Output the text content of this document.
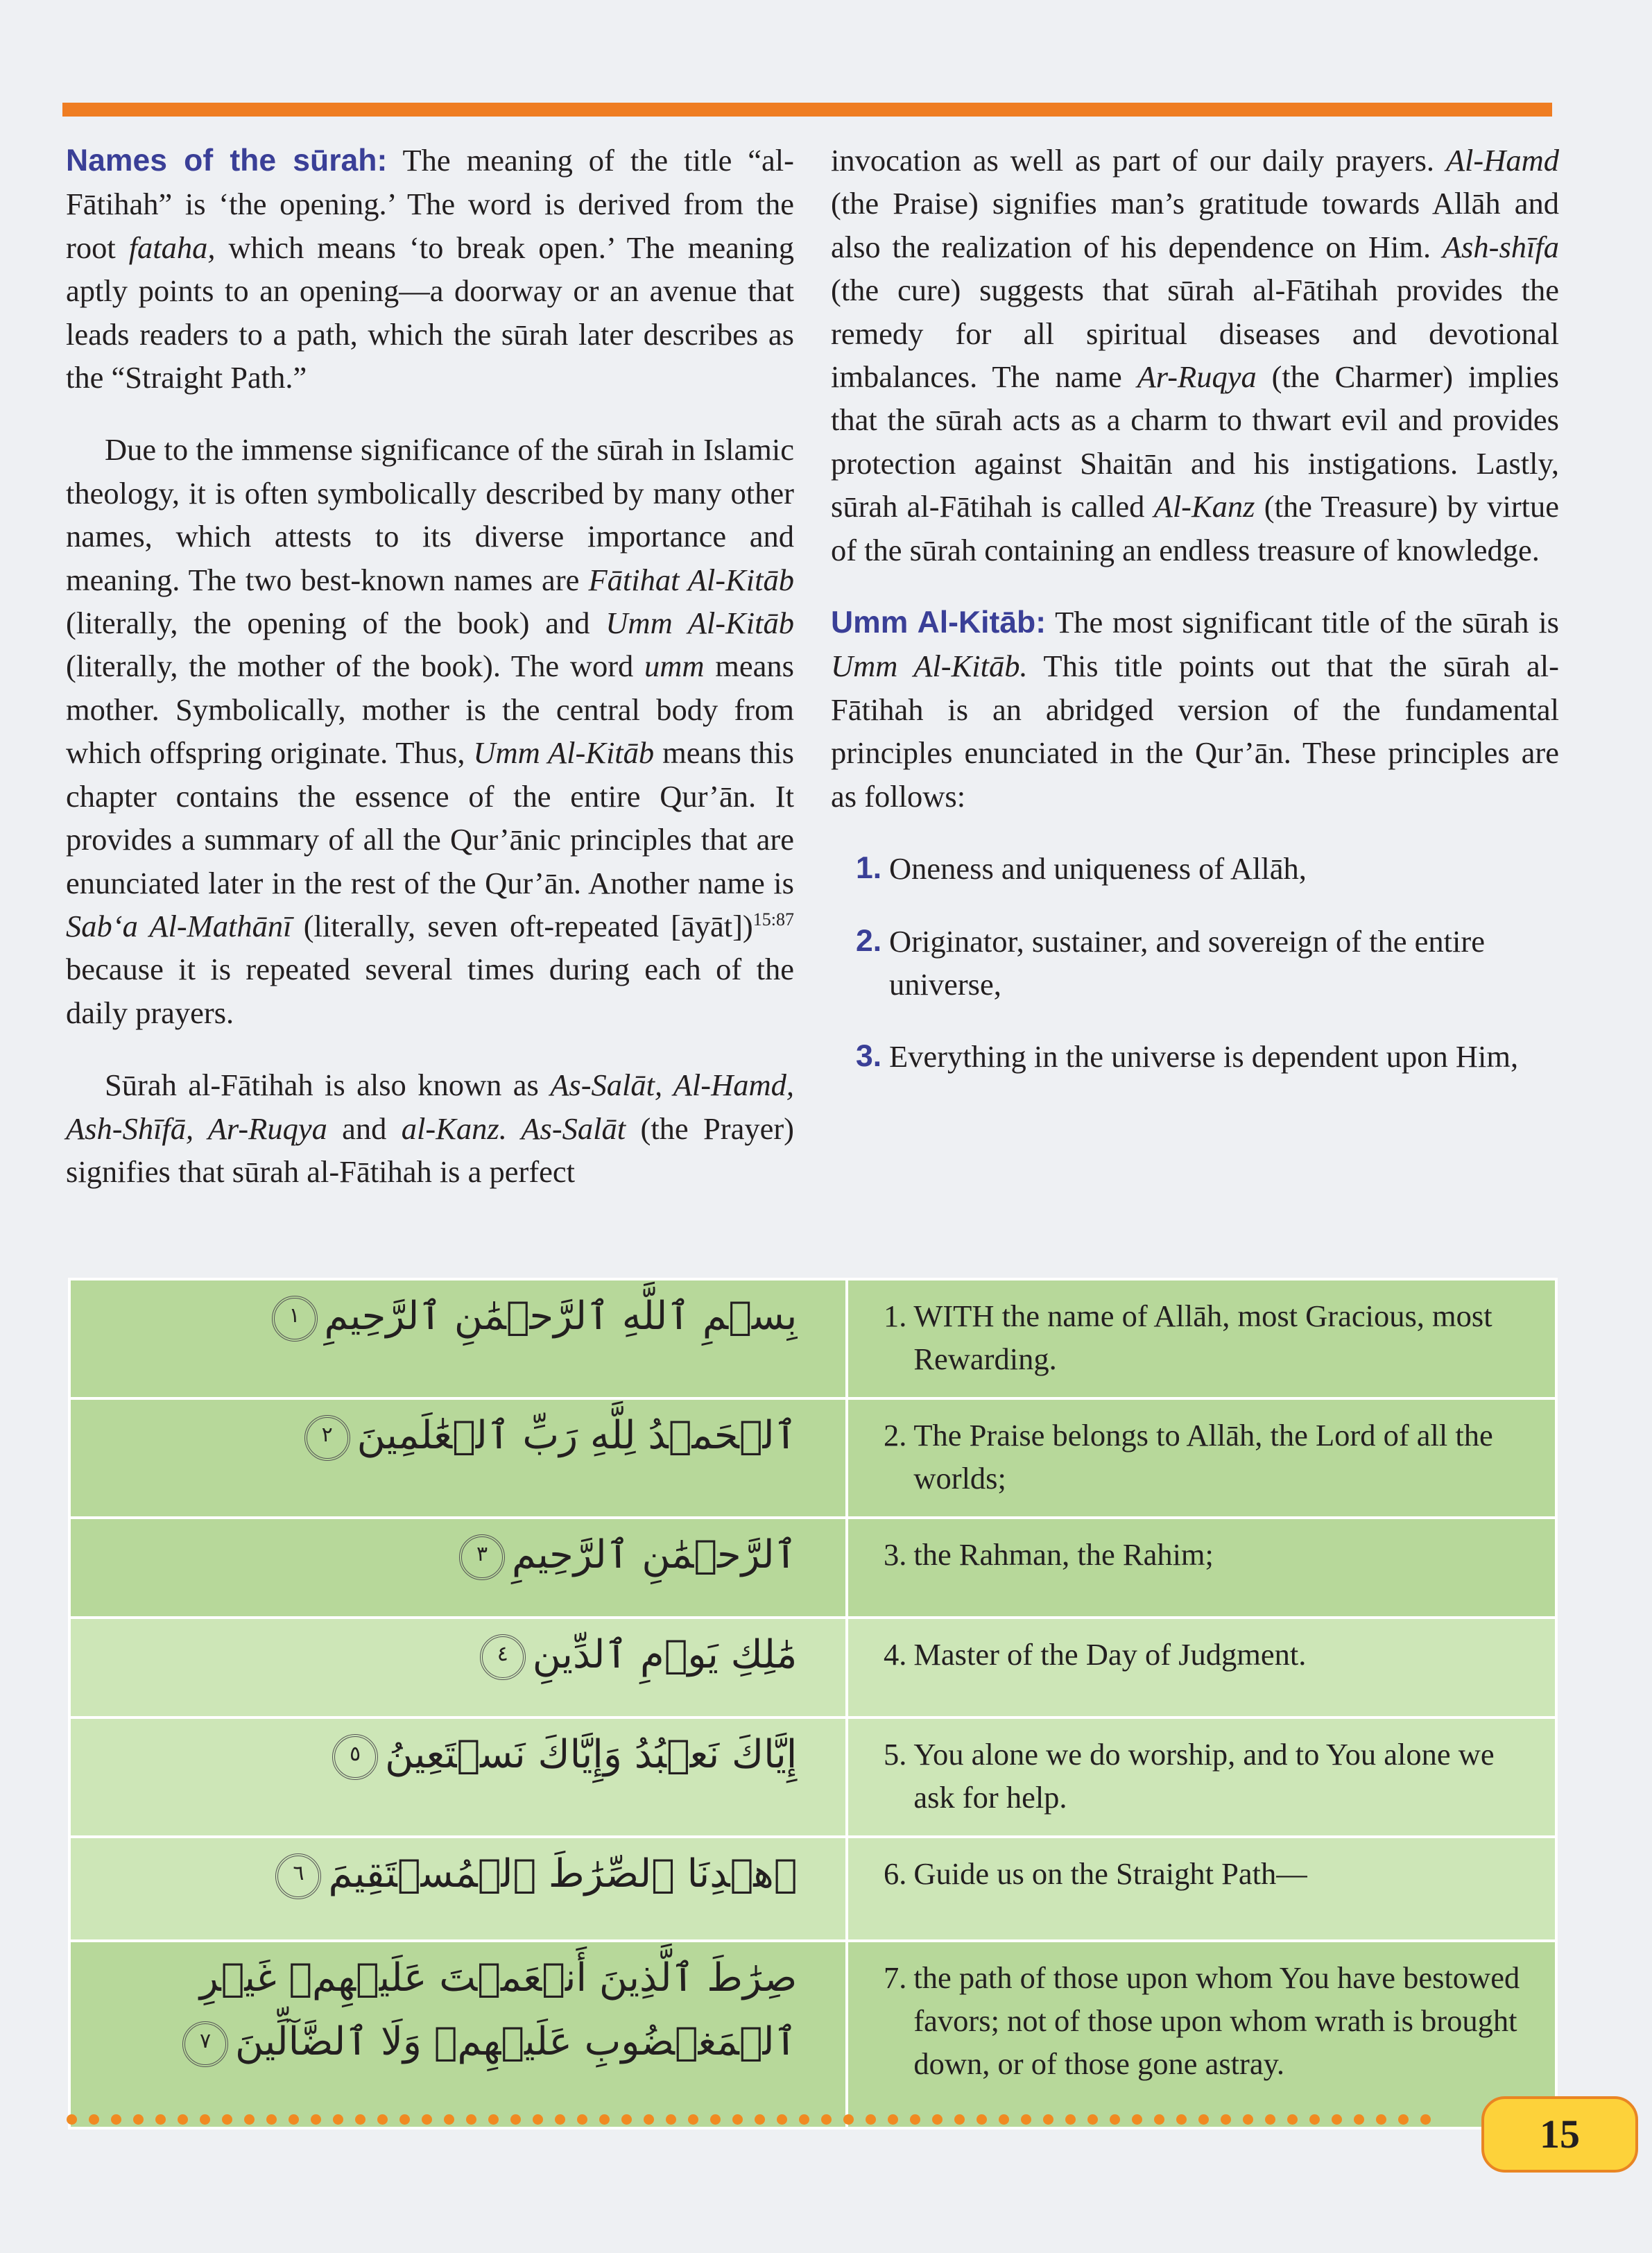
Names of the sūrah: The meaning of the title “al-Fātihah” is ‘the opening.’ The word is derived from the root fataha, which means ‘to break open.’ The meaning aptly points to an opening—a doorway or an avenue that leads readers to a path, which the sūrah later describes as the “Straight Path.”

Due to the immense significance of the sūrah in Islamic theology, it is often symbolically described by many other names, which attests to its diverse importance and meaning. The two best-known names are Fātihat Al-Kitāb (literally, the opening of the book) and Umm Al-Kitāb (literally, the mother of the book). The word umm means mother. Symbolically, mother is the central body from which offspring originate. Thus, Umm Al-Kitāb means this chapter contains the essence of the entire Qur’ān. It provides a summary of all the Qur’ānic principles that are enunciated later in the rest of the Qur’ān. Another name is Sab‘a Al-Mathānī (literally, seven oft-repeated [āyāt])$^{15:87}$ because it is repeated several times during each of the daily prayers.

Sūrah al-Fātihah is also known as As-Salāt, Al-Hamd, Ash-Shīfā, Ar-Ruqya and al-Kanz. As-Salāt (the Prayer) signifies that sūrah al-Fātihah is a perfect

invocation as well as part of our daily prayers. Al-Hamd (the Praise) signifies man’s gratitude towards Allāh and also the realization of his dependence on Him. Ash-shīfa (the cure) suggests that sūrah al-Fātihah provides the remedy for all spiritual diseases and devotional imbalances. The name Ar-Ruqya (the Charmer) implies that the sūrah acts as a charm to thwart evil and provides protection against Shaitān and his instigations. Lastly, sūrah al-Fātihah is called Al-Kanz (the Treasure) by virtue of the sūrah containing an endless treasure of knowledge.

Umm Al-Kitāb: The most significant title of the sūrah is Umm Al-Kitāb. This title points out that the sūrah al-Fātihah is an abridged version of the fundamental principles enunciated in the Qur’ān. These principles are as follows:

1. Oneness and uniqueness of Allāh,
2. Originator, sustainer, and sovereign of the entire universe,
3. Everything in the universe is dependent upon Him,
بِسۡمِ ٱللَّهِ ٱلرَّحۡمَٰنِ ٱلرَّحِيمِ١	1. WITH the name of Allāh, most Gracious, most Rewarding.

ٱلۡحَمۡدُ لِلَّهِ رَبِّ ٱلۡعَٰلَمِينَ٢	2. The Praise belongs to Allāh, the Lord of all the worlds;

ٱلرَّحۡمَٰنِ ٱلرَّحِيمِ٣	3. the Rahman, the Rahim;

مَٰلِكِ يَوۡمِ ٱلدِّينِ٤	4. Master of the Day of Judgment.

إِيَّاكَ نَعۡبُدُ وَإِيَّاكَ نَسۡتَعِينُ٥	5. You alone we do worship, and to You alone we ask for help.

ٱهۡدِنَا ٱلصِّرَٰطَ ٱلۡمُسۡتَقِيمَ٦	6. Guide us on the Straight Path—

صِرَٰطَ ٱلَّذِينَ أَنۡعَمۡتَ عَلَيۡهِمۡ غَيۡرِ ٱلۡمَغۡضُوبِ عَلَيۡهِمۡ وَلَا ٱلضَّآلِّينَ٧	7. the path of those upon whom You have bestowed favors; not of those upon whom wrath is brought down, or of those gone astray.
15
